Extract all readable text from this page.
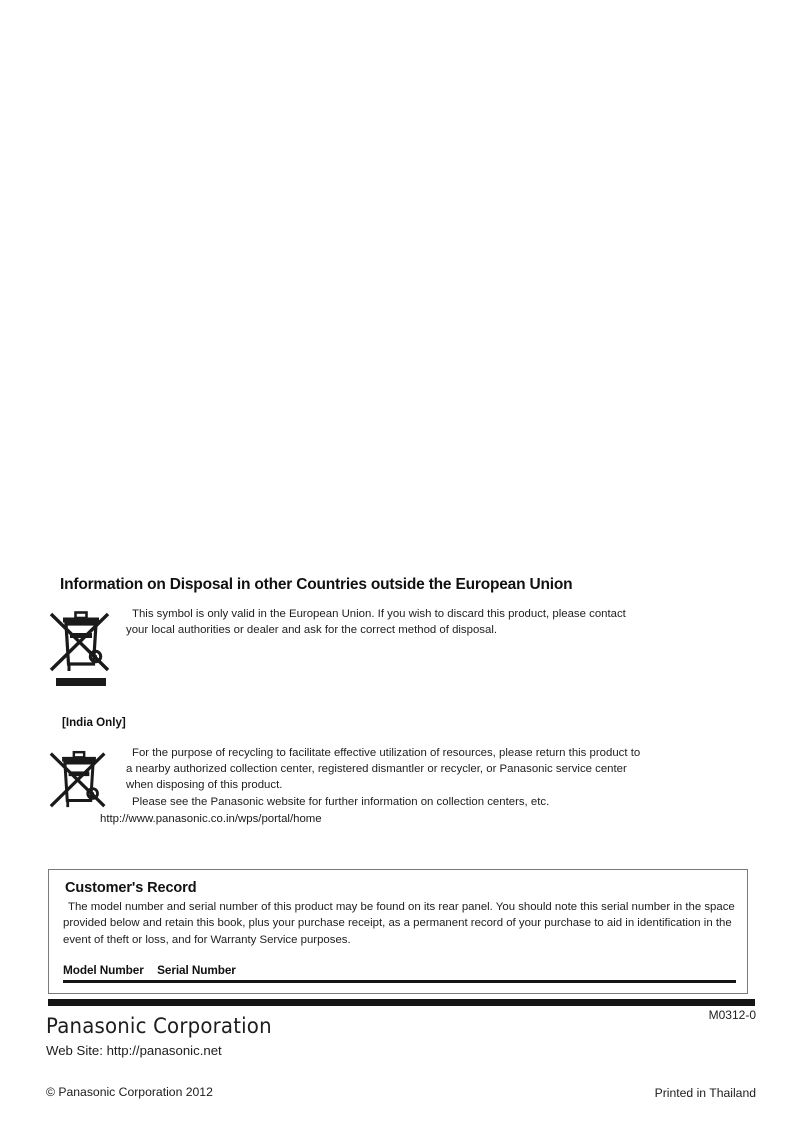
Information on Disposal in other Countries outside the European Union

This symbol is only valid in the European Union. If you wish to discard this product, please contact

your local authorities or dealer and ask for the correct method of disposal.

[India Only]

For the purpose of recycling to facilitate effective utilization of resources, please return this product to

a nearby authorized collection center, registered dismantler or recycler, or Panasonic service center

when disposing of this product.

Please see the Panasonic website for further information on collection centers, etc.

http://www.panasonic.co.in/wps/portal/home

Customer's Record
The model number and serial number of this product may be found on its rear panel. You should note this serial number in the space provided below and retain this book, plus your purchase receipt, as a permanent record of your purchase to aid in identification in the event of theft or loss, and for Warranty Service purposes.
Model Number Serial Number
M0312-0
Panasonic Corporation
Web Site: http://panasonic.net
© Panasonic Corporation 2012	Printed in Thailand
